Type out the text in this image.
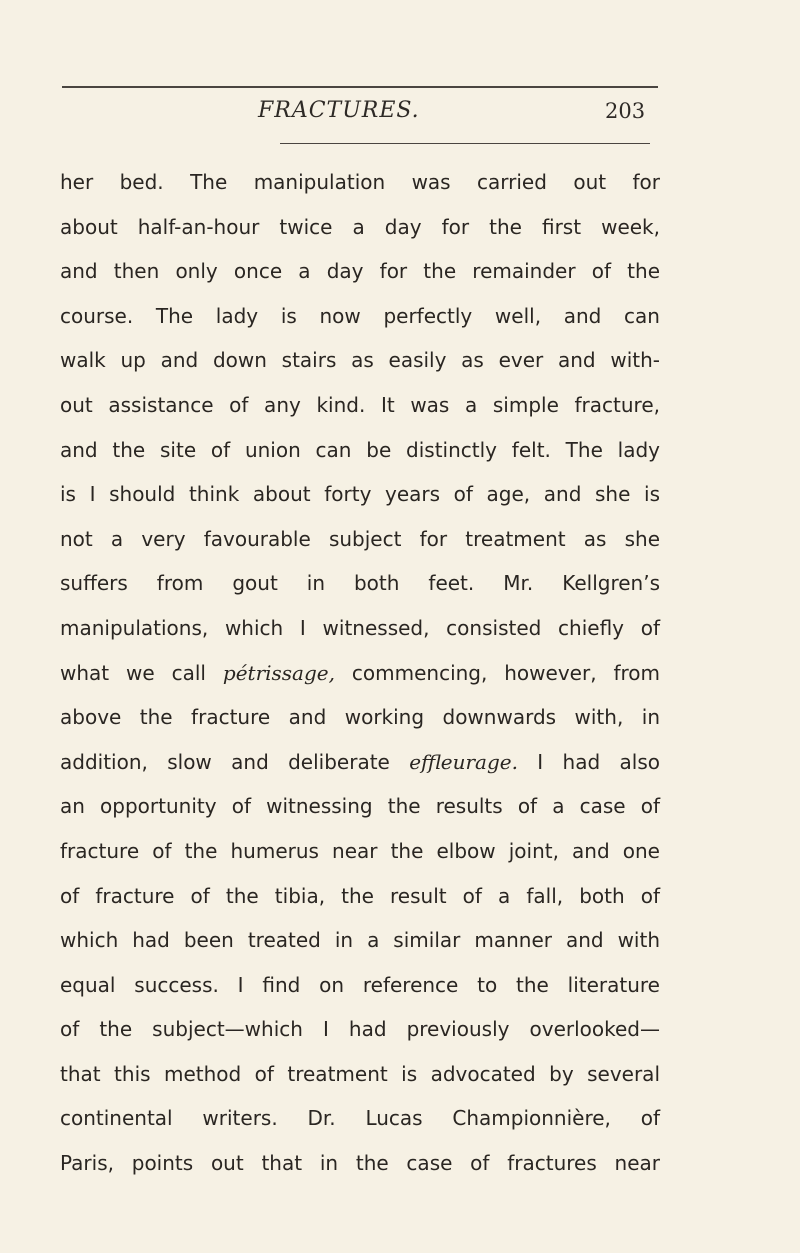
FRACTURES.	203
her bed. The manipulation was carried out for
about half-an-hour twice a day for the first week,
and then only once a day for the remainder of the
course. The lady is now perfectly well, and can
walk up and down stairs as easily as ever and with-
out assistance of any kind. It was a simple fracture,
and the site of union can be distinctly felt. The lady
is I should think about forty years of age, and she is
not a very favourable subject for treatment as she
suffers from gout in both feet. Mr. Kellgren’s
manipulations, which I witnessed, consisted chiefly of
what we call pétrissage, commencing, however, from
above the fracture and working downwards with, in
addition, slow and deliberate effleurage. I had also
an opportunity of witnessing the results of a case of
fracture of the humerus near the elbow joint, and one
of fracture of the tibia, the result of a fall, both of
which had been treated in a similar manner and with
equal success. I find on reference to the literature
of the subject—which I had previously overlooked—
that this method of treatment is advocated by several
continental writers. Dr. Lucas Championnière, of
Paris, points out that in the case of fractures near
